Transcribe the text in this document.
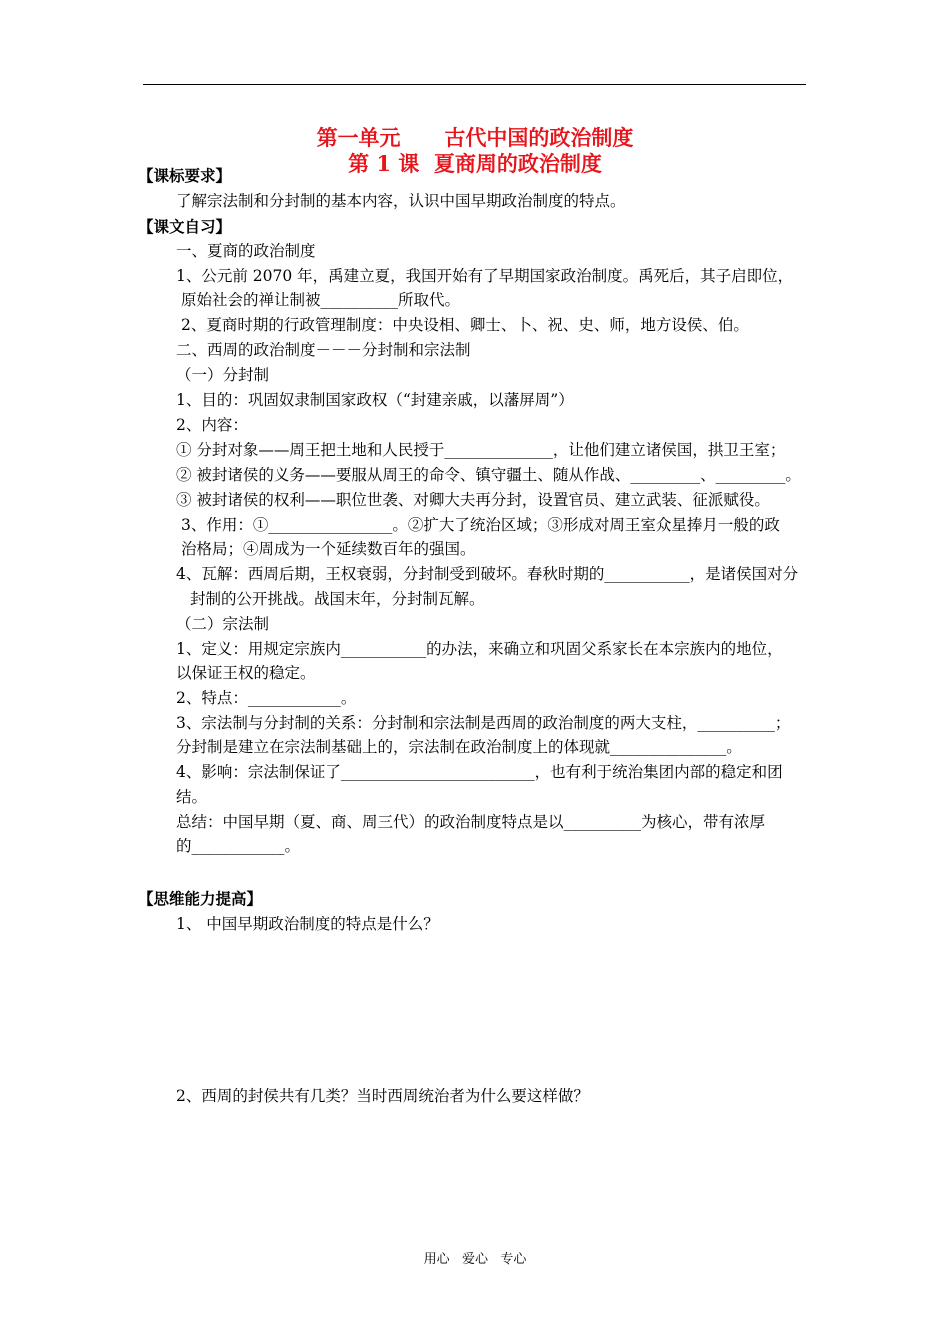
第一单元      古代中国的政治制度
第 1 课  夏商周的政治制度
【课标要求】
了解宗法制和分封制的基本内容，认识中国早期政治制度的特点。
【课文自习】
一、夏商的政治制度
1、公元前 2070 年，禹建立夏，我国开始有了早期国家政治制度。禹死后，其子启即位，
原始社会的禅让制被__________所取代。
2、夏商时期的行政管理制度：中央设相、卿士、卜、祝、史、师，地方设侯、伯。
二、西周的政治制度－－－分封制和宗法制
（一）分封制
1、目的：巩固奴隶制国家政权（“封建亲戚，以藩屏周”）
2、内容：
① 分封对象——周王把土地和人民授于______________，让他们建立诸侯国，拱卫王室；
② 被封诸侯的义务——要服从周王的命令、镇守疆土、随从作战、_________、_________。
③ 被封诸侯的权利——职位世袭、对卿大夫再分封，设置官员、建立武装、征派赋役。
3、作用：①________________。②扩大了统治区域；③形成对周王室众星捧月一般的政
治格局；④周成为一个延续数百年的强国。
4、瓦解：西周后期，王权衰弱，分封制受到破坏。春秋时期的___________，是诸侯国对分
封制的公开挑战。战国末年，分封制瓦解。
（二）宗法制
1、定义：用规定宗族内___________的办法，来确立和巩固父系家长在本宗族内的地位，
以保证王权的稳定。
2、特点：____________。
3、宗法制与分封制的关系：分封制和宗法制是西周的政治制度的两大支柱，__________；
分封制是建立在宗法制基础上的，宗法制在政治制度上的体现就_______________。
4、影响：宗法制保证了_________________________，也有利于统治集团内部的稳定和团
结。
总结：中国早期（夏、商、周三代）的政治制度特点是以__________为核心，带有浓厚
的____________。
【思维能力提高】
1、 中国早期政治制度的特点是什么？
2、西周的封侯共有几类？当时西周统治者为什么要这样做？
用心   爱心   专心
